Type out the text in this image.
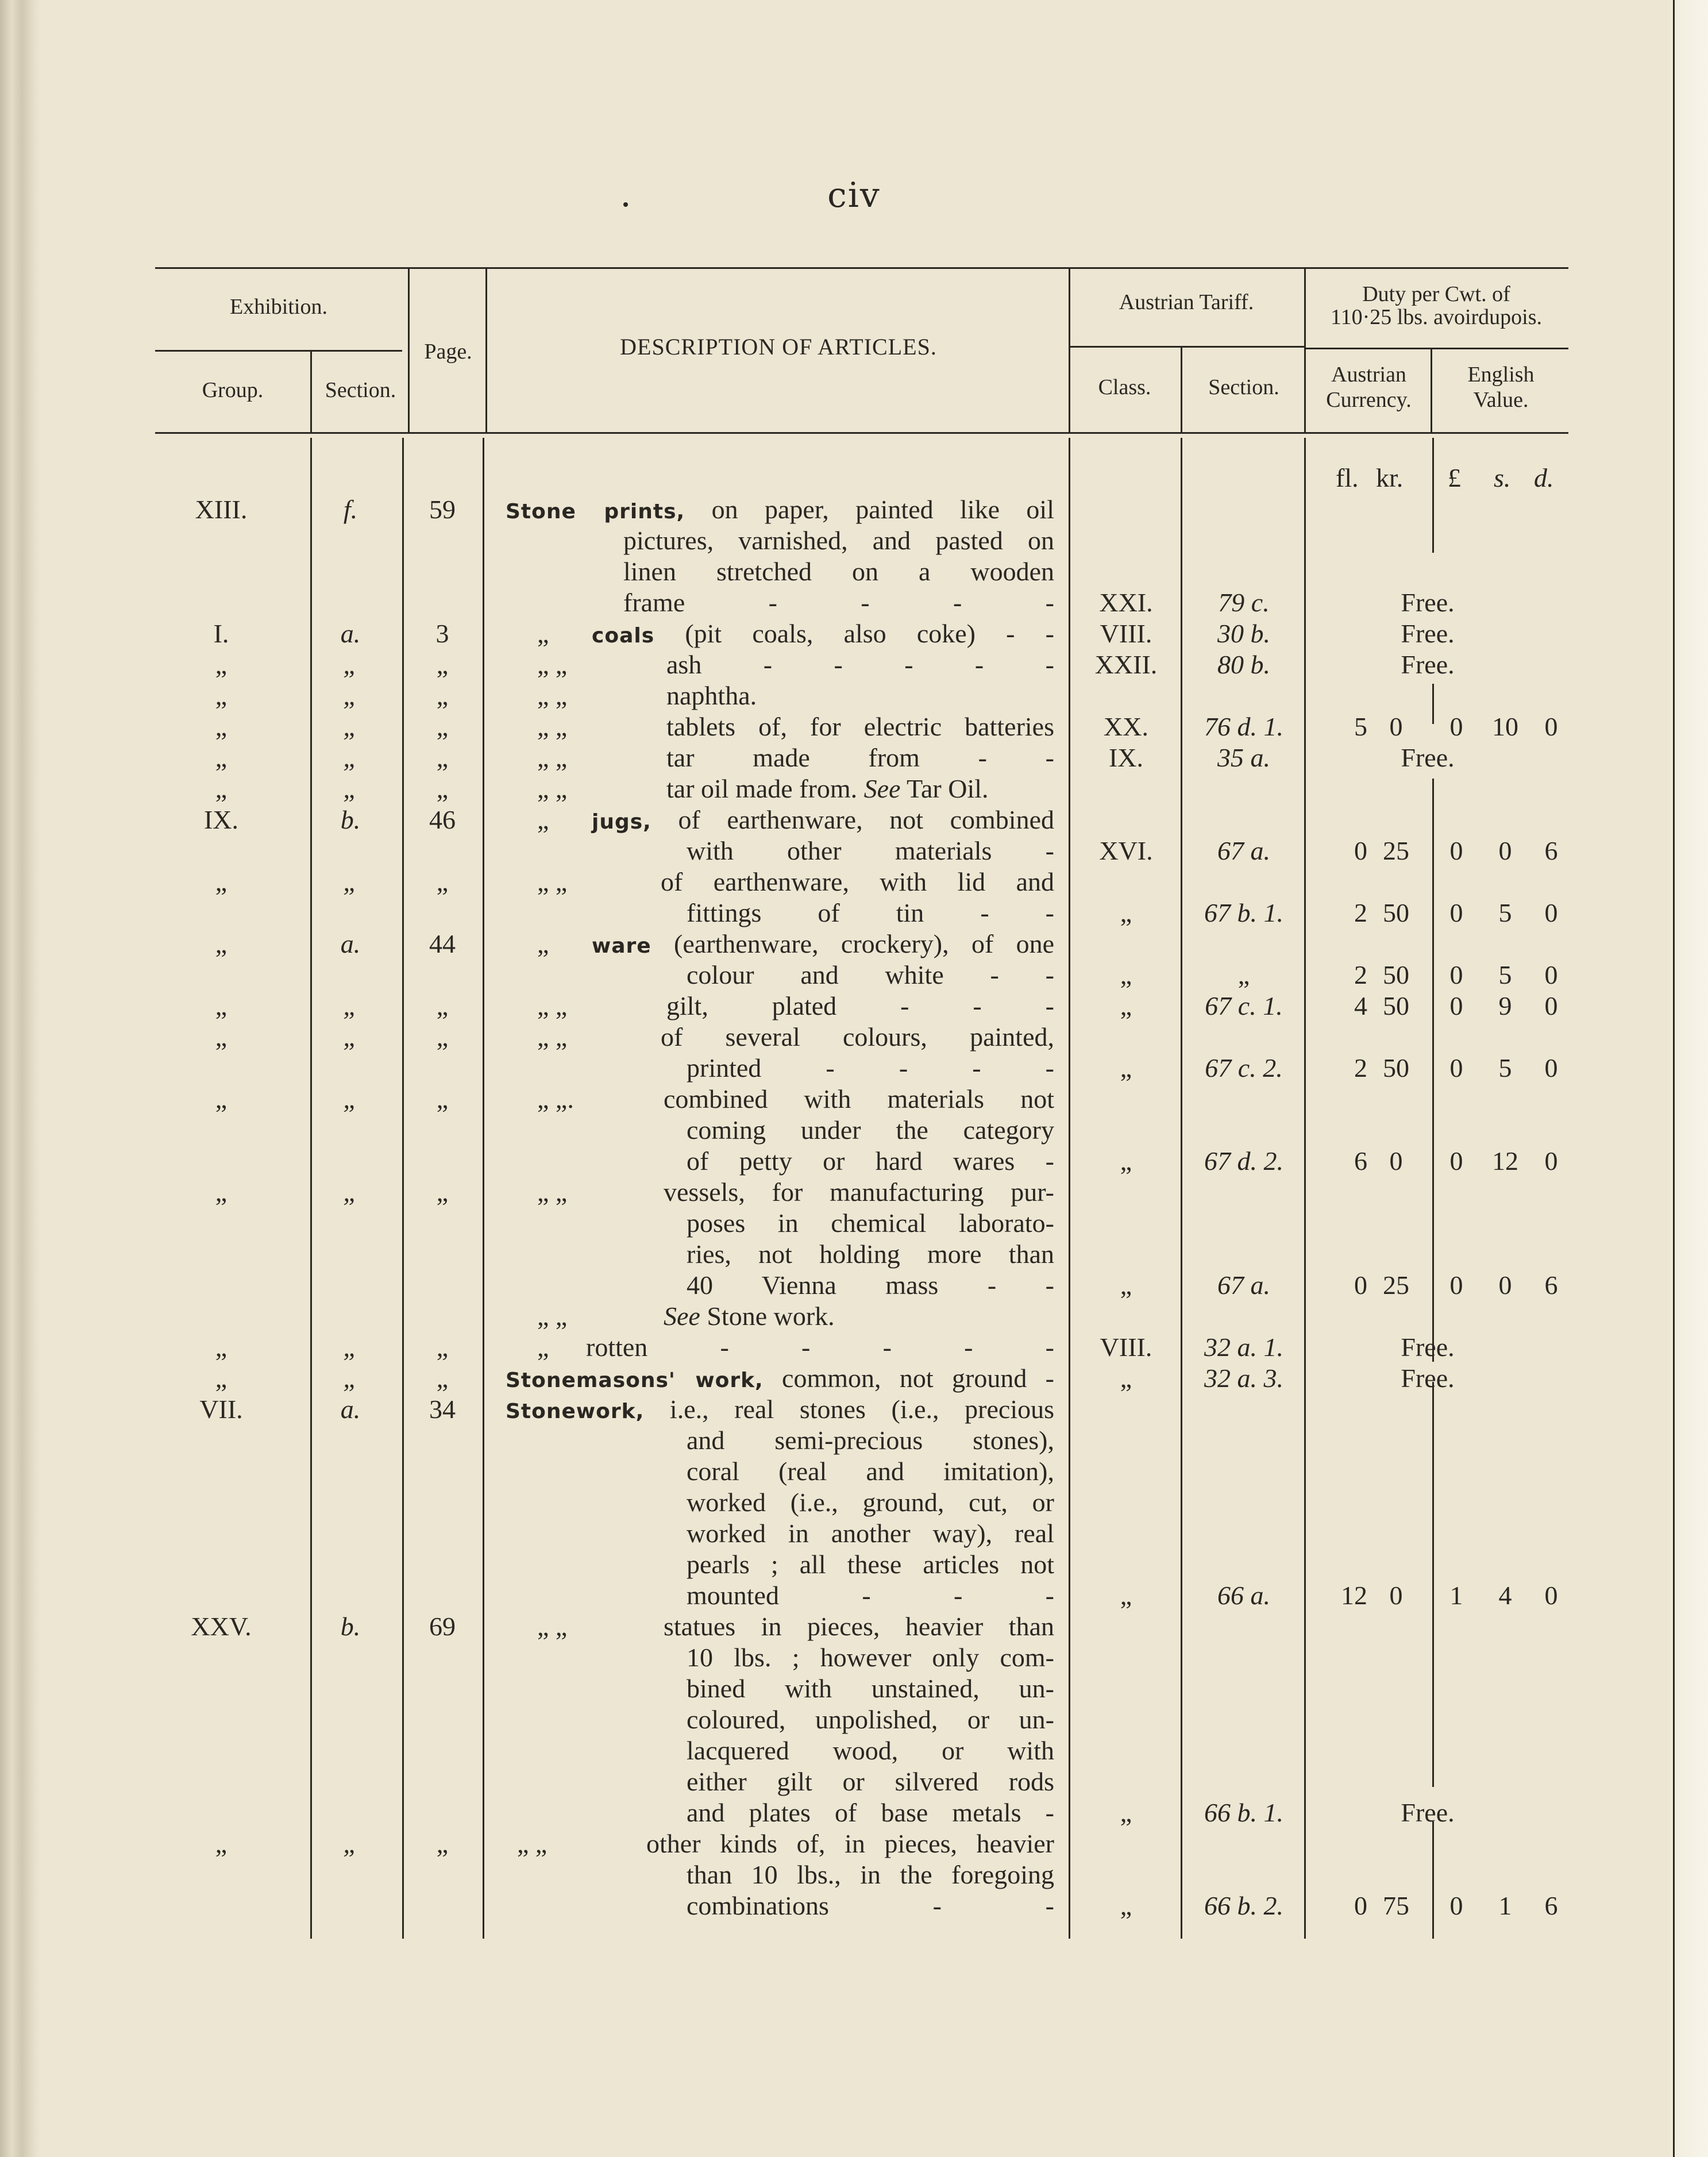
civ
Exhibition.
Group.	Section.
Page.	DESCRIPTION OF ARTICLES.
Austrian Tariff.
Class.	Section.
Duty per Cwt. of
110·25 lbs. avoirdupois.
Austrian
Currency.
English
Value.
fl. kr. £ s. d.
XIII.	f.	59	Stone prints, on paper, painted like oil
pictures, varnished, and pasted on
linen stretched on a wooden
frame - - - -	XXI.	79 c.	Free.
I.	a.	3	„ coals (pit coals, also coke) - -	VIII.	30 b.	Free.
„	„	„	„ „	ash - - - - -	XXII.	80 b.	Free.
„	„	„	„ „	naphtha.
„	„	„	„ „	tablets of, for electric batteries	XX.	76 d. 1.	5 0	0	10 0
„	„	„	„ „	tar made from - -	IX.	35 a.	Free.
„	„	„	„ „	tar oil made from. See Tar Oil.
IX.	b.	46	„ jugs, of earthenware, not combined
with other materials -	XVI.	67 a.	0 25	0	0	6
„	„	„	„ „	of earthenware, with lid and
fittings of tin - -	„	67 b. 1.	2 50	0	5	0
„	a.	44	„ ware (earthenware, crockery), of one
colour and white - -	„	„	2 50	0	5	0
„	„	„	„ „	gilt, plated - - -	„	67 c. 1.	4 50	0	9	0
„	„	„	„ „	of several colours, painted,
printed - - - -	„	67 c. 2.	2 50	0	5	0
„	„	„	„ „.	combined with materials not
coming under the category
of petty or hard wares -	„	67 d. 2.	6 0	0	12 0
„	„	„	„ „	vessels, for manufacturing pur-
poses in chemical laborato-
ries, not holding more than
40 Vienna mass - -	„	67 a.	0 25	0	0	6
„ „	See Stone work.
„	„	„	„ rotten - - - - -	VIII.	32 a. 1.	Free.
„	„	„	Stonemasons' work, common, not ground -	„	32 a. 3.	Free.
VII.	a.	34	Stonework, i.e., real stones (i.e., precious
and semi-precious stones),
coral (real and imitation),
worked (i.e., ground, cut, or
worked in another way), real
pearls ; all these articles not
mounted - - -	„	66 a.	12 0	1	4	0
XXV.	b.	69	„ „	statues in pieces, heavier than
10 lbs. ; however only com-
bined with unstained, un-
coloured, unpolished, or un-
lacquered wood, or with
either gilt or silvered rods
and plates of base metals -	„	66 b. 1.	Free.
„	„	„	„ „	other kinds of, in pieces, heavier
than 10 lbs., in the foregoing
combinations - -	„	66 b. 2.	0 75	0	1	6
